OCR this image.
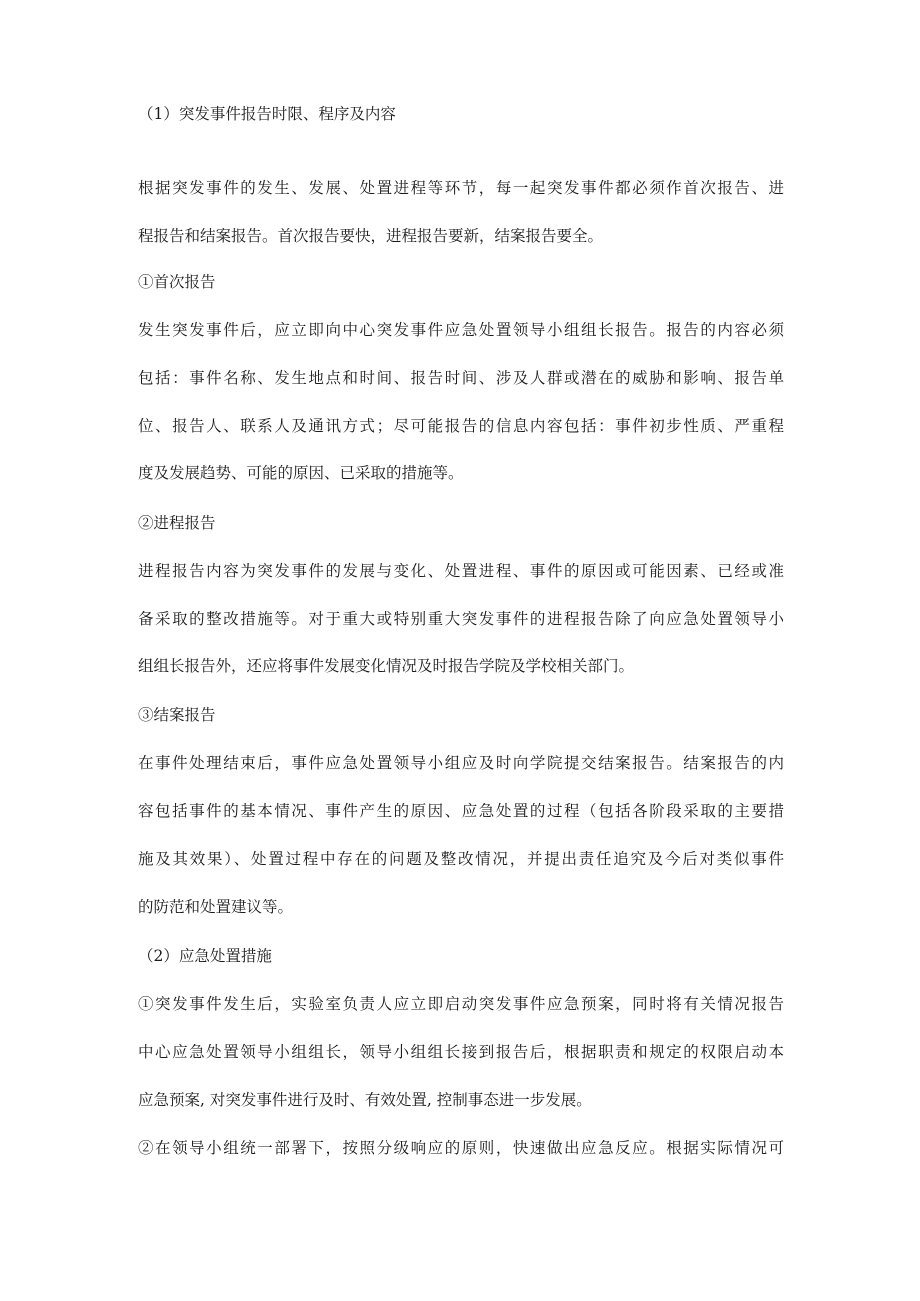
（1）突发事件报告时限、程序及内容
根据突发事件的发生、发展、处置进程等环节，每一起突发事件都必须作首次报告、进
程报告和结案报告。首次报告要快，进程报告要新，结案报告要全。
①首次报告
发生突发事件后，应立即向中心突发事件应急处置领导小组组长报告。报告的内容必须
包括：事件名称、发生地点和时间、报告时间、涉及人群或潜在的威胁和影响、报告单
位、报告人、联系人及通讯方式；尽可能报告的信息内容包括：事件初步性质、严重程
度及发展趋势、可能的原因、已采取的措施等。
②进程报告
进程报告内容为突发事件的发展与变化、处置进程、事件的原因或可能因素、已经或准
备采取的整改措施等。对于重大或特别重大突发事件的进程报告除了向应急处置领导小
组组长报告外，还应将事件发展变化情况及时报告学院及学校相关部门。
③结案报告
在事件处理结束后，事件应急处置领导小组应及时向学院提交结案报告。结案报告的内
容包括事件的基本情况、事件产生的原因、应急处置的过程（包括各阶段采取的主要措
施及其效果）、处置过程中存在的问题及整改情况，并提出责任追究及今后对类似事件
的防范和处置建议等。
（2）应急处置措施
①突发事件发生后，实验室负责人应立即启动突发事件应急预案，同时将有关情况报告
中心应急处置领导小组组长，领导小组组长接到报告后，根据职责和规定的权限启动本
应急预案, 对突发事件进行及时、有效处置, 控制事态进一步发展。
②在领导小组统一部署下，按照分级响应的原则，快速做出应急反应。根据实际情况可
